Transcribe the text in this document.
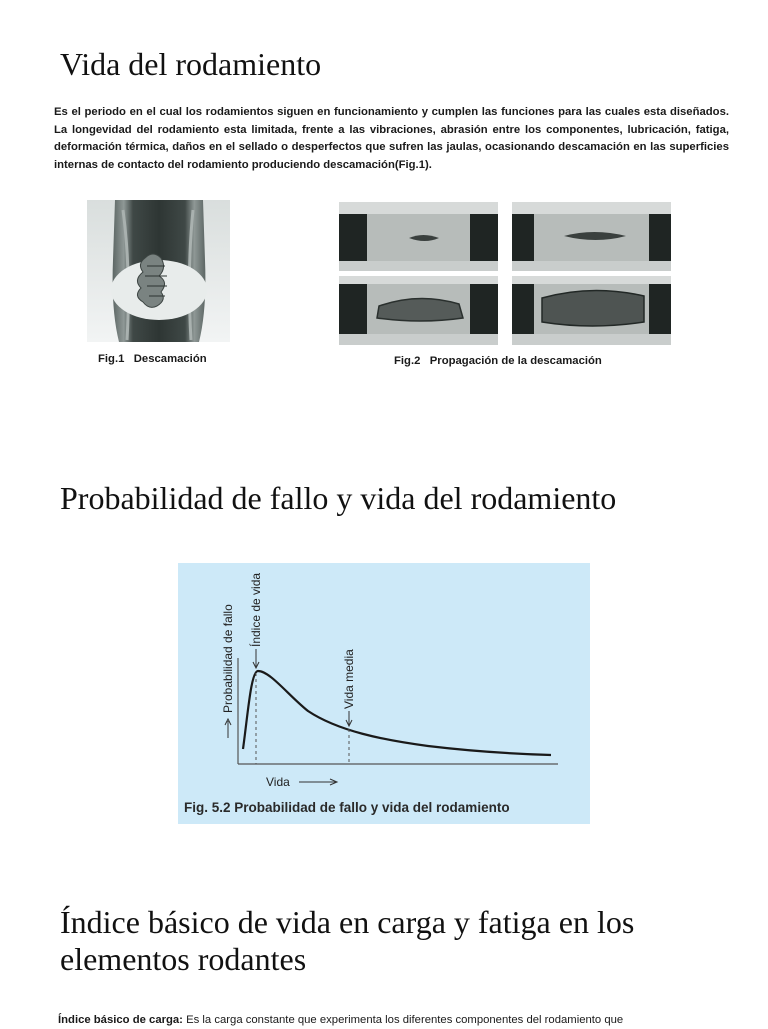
Vida del rodamiento

Es el periodo en el cual los rodamientos siguen en funcionamiento y cumplen las funciones para las cuales esta diseñados. La longevidad del rodamiento esta limitada, frente a las vibraciones, abrasión entre los componentes, lubricación, fatiga, deformación térmica, daños en el sellado o desperfectos que sufren las jaulas, ocasionando descamación en las superficies internas de contacto del rodamiento produciendo descamación(Fig.1).

Fig.1   Descamación	Fig.2   Propagación de la descamación
Probabilidad de fallo y vida del rodamiento
Índice de vida
Vida media
Probabilidad de fallo
Vida
Fig. 5.2 Probabilidad de fallo y vida del rodamiento
Índice básico de vida en carga y fatiga en los elementos rodantes

Índice básico de carga: Es la carga constante que experimenta los diferentes componentes del rodamiento que
